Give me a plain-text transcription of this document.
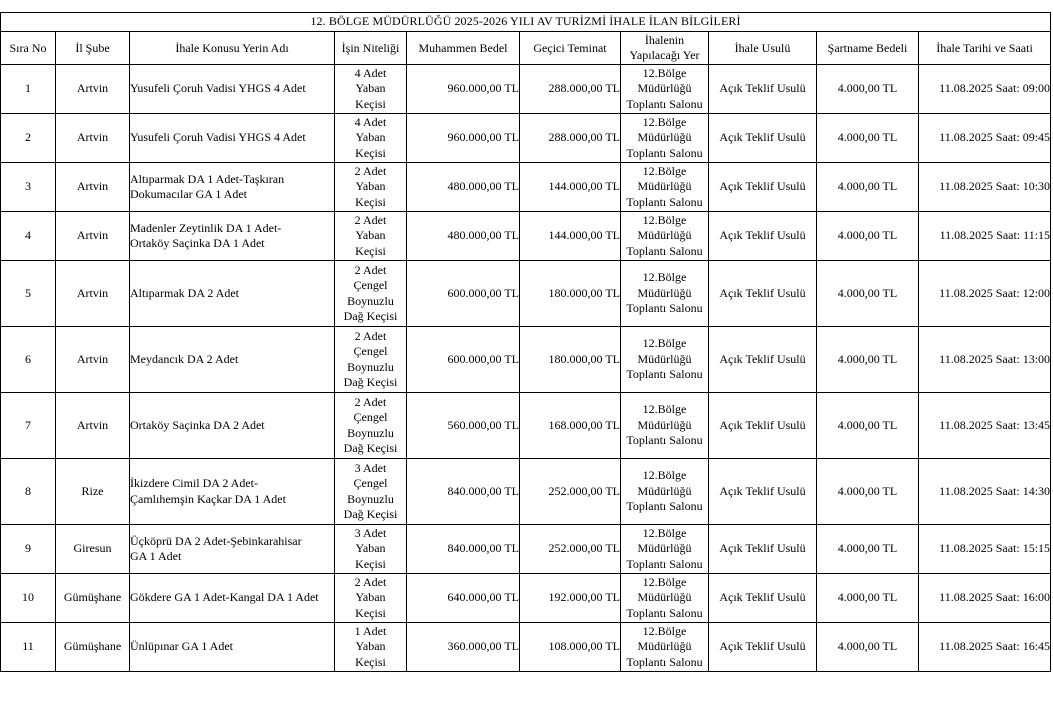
12. BÖLGE MÜDÜRLÜĞÜ 2025-2026 YILI AV TURİZMİ İHALE İLAN BİLGİLERİ									
Sıra No	İl Şube	İhale Konusu Yerin Adı	İşin Niteliği	Muhammen Bedel	Geçici Teminat	İhalenin
Yapılacağı Yer	İhale Usulü	Şartname Bedeli	İhale Tarihi ve Saati
1	Artvin	Yusufeli Çoruh Vadisi YHGS 4 Adet	4 Adet
Yaban
Keçisi	960.000,00 TL	288.000,00 TL	12.Bölge
Müdürlüğü
Toplantı Salonu	Açık Teklif Usulü	4.000,00 TL	11.08.2025 Saat: 09:00
2	Artvin	Yusufeli Çoruh Vadisi YHGS 4 Adet	4 Adet
Yaban
Keçisi	960.000,00 TL	288.000,00 TL	12.Bölge
Müdürlüğü
Toplantı Salonu	Açık Teklif Usulü	4.000,00 TL	11.08.2025 Saat: 09:45
3	Artvin	Altıparmak DA 1 Adet-Taşkıran
Dokumacılar GA 1 Adet	2 Adet
Yaban
Keçisi	480.000,00 TL	144.000,00 TL	12.Bölge
Müdürlüğü
Toplantı Salonu	Açık Teklif Usulü	4.000,00 TL	11.08.2025 Saat: 10:30
4	Artvin	Madenler Zeytinlik DA 1 Adet-
Ortaköy Saçinka DA 1 Adet	2 Adet
Yaban
Keçisi	480.000,00 TL	144.000,00 TL	12.Bölge
Müdürlüğü
Toplantı Salonu	Açık Teklif Usulü	4.000,00 TL	11.08.2025 Saat: 11:15
5	Artvin	Altıparmak DA 2 Adet	2 Adet
Çengel
Boynuzlu
Dağ Keçisi	600.000,00 TL	180.000,00 TL	12.Bölge
Müdürlüğü
Toplantı Salonu	Açık Teklif Usulü	4.000,00 TL	11.08.2025 Saat: 12:00
6	Artvin	Meydancık DA 2 Adet	2 Adet
Çengel
Boynuzlu
Dağ Keçisi	600.000,00 TL	180.000,00 TL	12.Bölge
Müdürlüğü
Toplantı Salonu	Açık Teklif Usulü	4.000,00 TL	11.08.2025 Saat: 13:00
7	Artvin	Ortaköy Saçinka DA 2 Adet	2 Adet
Çengel
Boynuzlu
Dağ Keçisi	560.000,00 TL	168.000,00 TL	12.Bölge
Müdürlüğü
Toplantı Salonu	Açık Teklif Usulü	4.000,00 TL	11.08.2025 Saat: 13:45
8	Rize	İkizdere Cimil DA 2 Adet-
Çamlıhemşin Kaçkar DA 1 Adet	3 Adet
Çengel
Boynuzlu
Dağ Keçisi	840.000,00 TL	252.000,00 TL	12.Bölge
Müdürlüğü
Toplantı Salonu	Açık Teklif Usulü	4.000,00 TL	11.08.2025 Saat: 14:30
9	Giresun	Üçköprü DA 2 Adet-Şebinkarahisar
GA 1 Adet	3 Adet
Yaban
Keçisi	840.000,00 TL	252.000,00 TL	12.Bölge
Müdürlüğü
Toplantı Salonu	Açık Teklif Usulü	4.000,00 TL	11.08.2025 Saat: 15:15
10	Gümüşhane	Gökdere GA 1 Adet-Kangal DA 1 Adet	2 Adet
Yaban
Keçisi	640.000,00 TL	192.000,00 TL	12.Bölge
Müdürlüğü
Toplantı Salonu	Açık Teklif Usulü	4.000,00 TL	11.08.2025 Saat: 16:00
11	Gümüşhane	Ünlüpınar GA 1 Adet	1 Adet
Yaban
Keçisi	360.000,00 TL	108.000,00 TL	12.Bölge
Müdürlüğü
Toplantı Salonu	Açık Teklif Usulü	4.000,00 TL	11.08.2025 Saat: 16:45
